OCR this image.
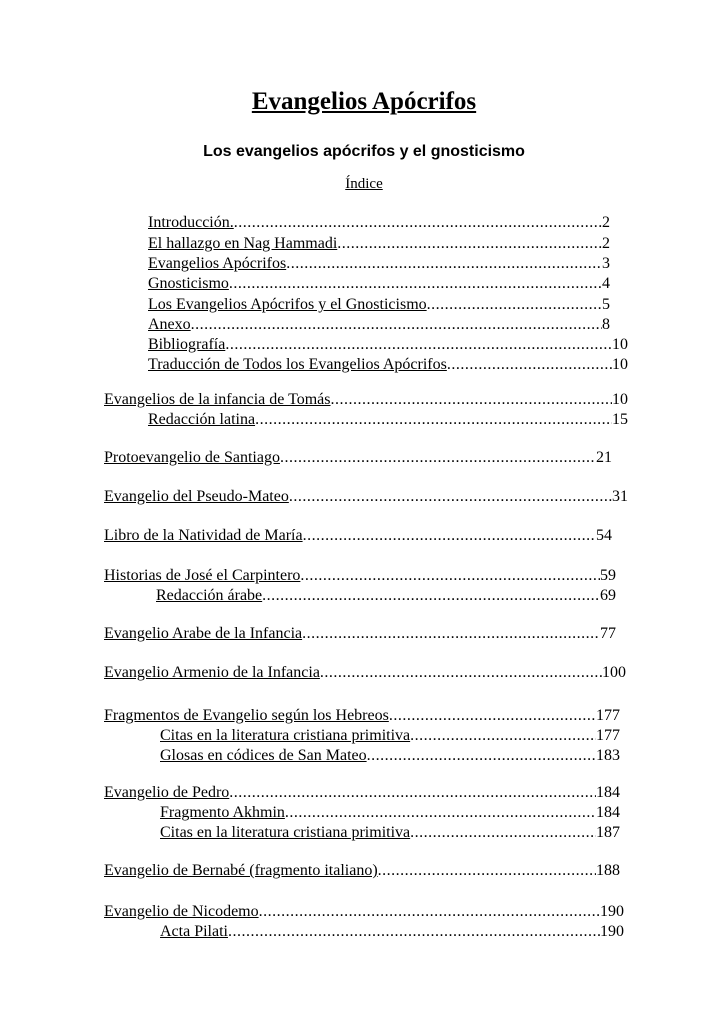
Evangelios Apócrifos
Los evangelios apócrifos y el gnosticismo
Índice
Introducción. .....	2
El hallazgo en Nag Hammadi .....	2
Evangelios Apócrifos .....	3
Gnosticismo .....	4
Los Evangelios Apócrifos y el Gnosticismo .....	5
Anexo .....	8
Bibliografía .....	10
Traducción de Todos los Evangelios Apócrifos .....	10
Evangelios de la infancia de Tomás .....	10
Redacción latina .....	15
Protoevangelio de Santiago .....	21
Evangelio del Pseudo-Mateo .....	31
Libro de la Natividad de María .....	54
Historias de José el Carpintero .....	59
Redacción árabe .....	69
Evangelio Arabe de la Infancia .....	77
Evangelio Armenio de la Infancia .....	100
Fragmentos de Evangelio según los Hebreos .....	177
Citas en la literatura cristiana primitiva .....	177
Glosas en códices de San Mateo .....	183
Evangelio de Pedro .....	184
Fragmento Akhmin .....	184
Citas en la literatura cristiana primitiva .....	187
Evangelio de Bernabé (fragmento italiano) .....	188
Evangelio de Nicodemo .....	190
Acta Pilati .....	190
